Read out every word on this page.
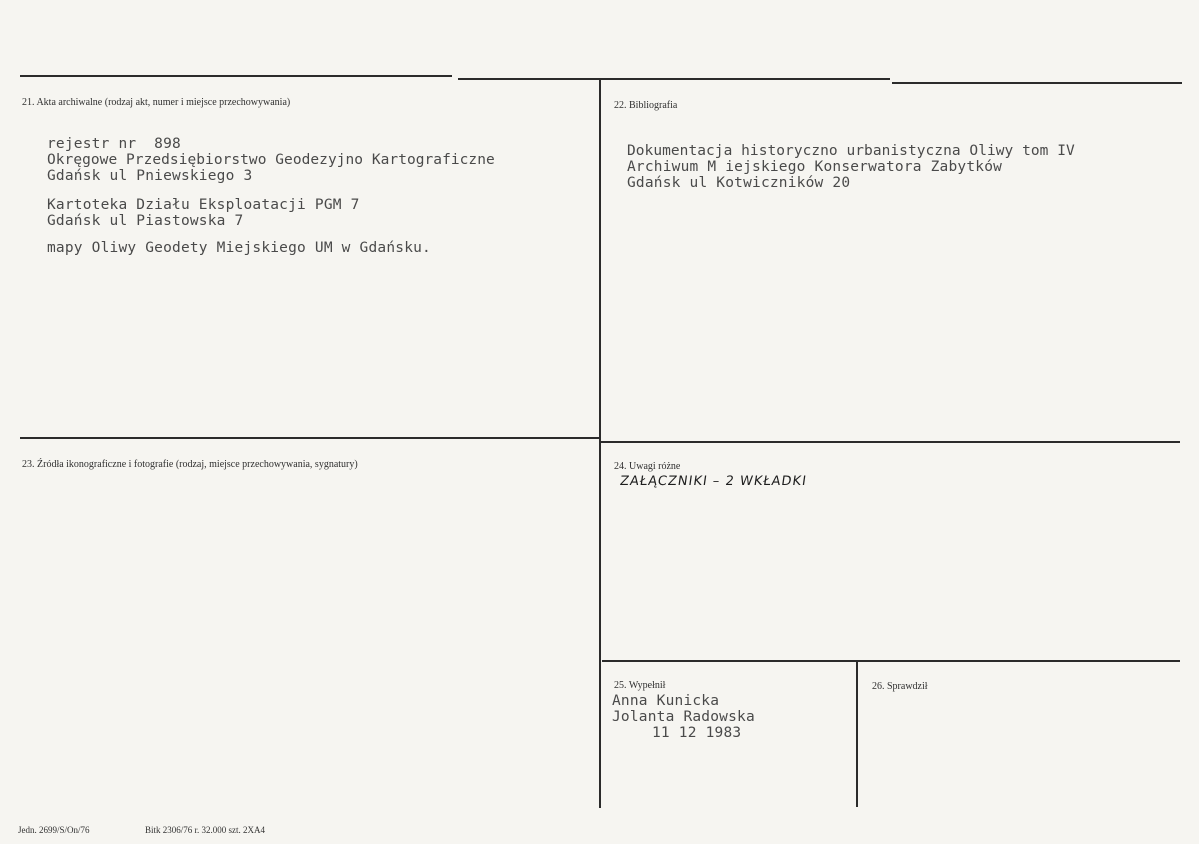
21. Akta archiwalne (rodzaj akt, numer i miejsce przechowywania)
rejestr nr  898
Okręgowe Przedsiębiorstwo Geodezyjno Kartograficzne
Gdańsk ul Pniewskiego 3
Kartoteka Działu Eksploatacji PGM 7
Gdańsk ul Piastowska 7
mapy Oliwy Geodety Miejskiego UM w Gdańsku.
22. Bibliografia
Dokumentacja historyczno urbanistyczna Oliwy tom IV
Archiwum M iejskiego Konserwatora Zabytków
Gdańsk ul Kotwiczników 20
23. Źródła ikonograficzne i fotografie (rodzaj, miejsce przechowywania, sygnatury)	24. Uwagi różne
ZAŁĄCZNIKI – 2 WKŁADKI
25. Wypełnił
Anna Kunicka
Jolanta Radowska
11 12 1983
26. Sprawdził
Jedn. 2699/S/On/76	Bitk 2306/76 r. 32.000 szt. 2XA4
